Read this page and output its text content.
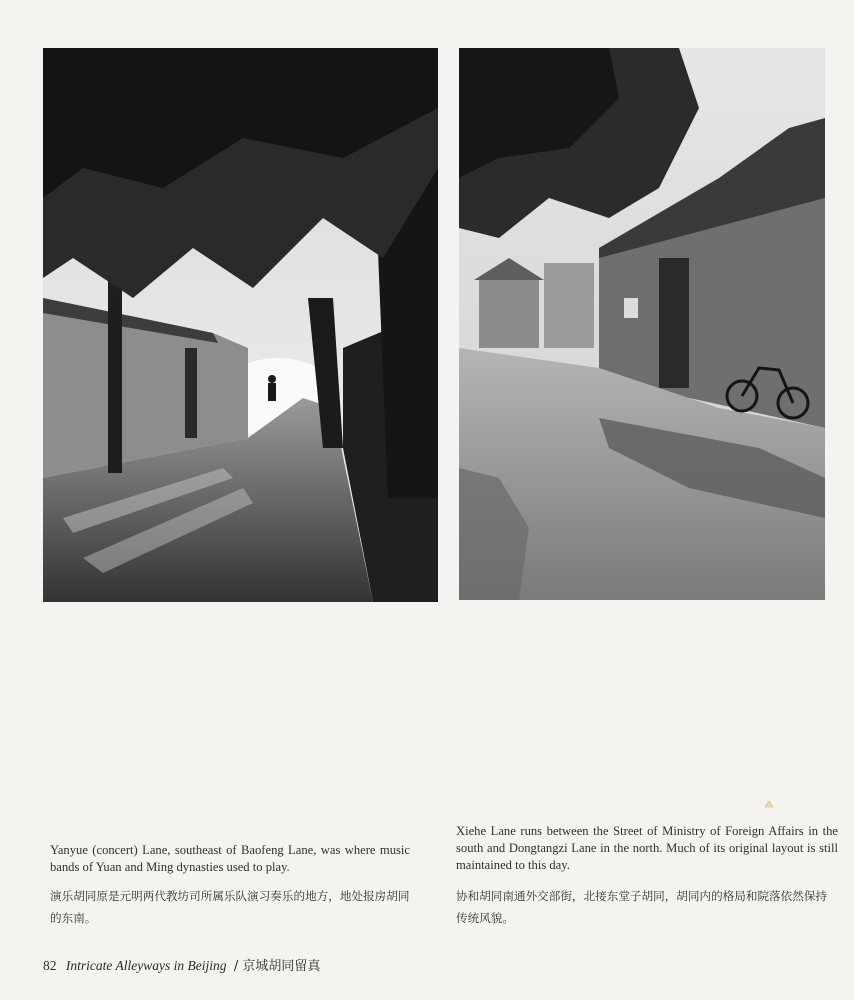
Yanyue (concert) Lane, southeast of Baofeng Lane, was where music bands of Yuan and Ming dynasties used to play.
演乐胡同原是元明两代教坊司所属乐队演习奏乐的地方，地处报房胡同的东南。
Xiehe Lane runs between the Street of Ministry of Foreign Affairs in the south and Dongtangzi Lane in the north. Much of its original layout is still maintained to this day.
协和胡同南通外交部街，北接东堂子胡同，胡同内的格局和院落依然保持传统风貌。
82 Intricate Alleyways in Beijing / 京城胡同留真
